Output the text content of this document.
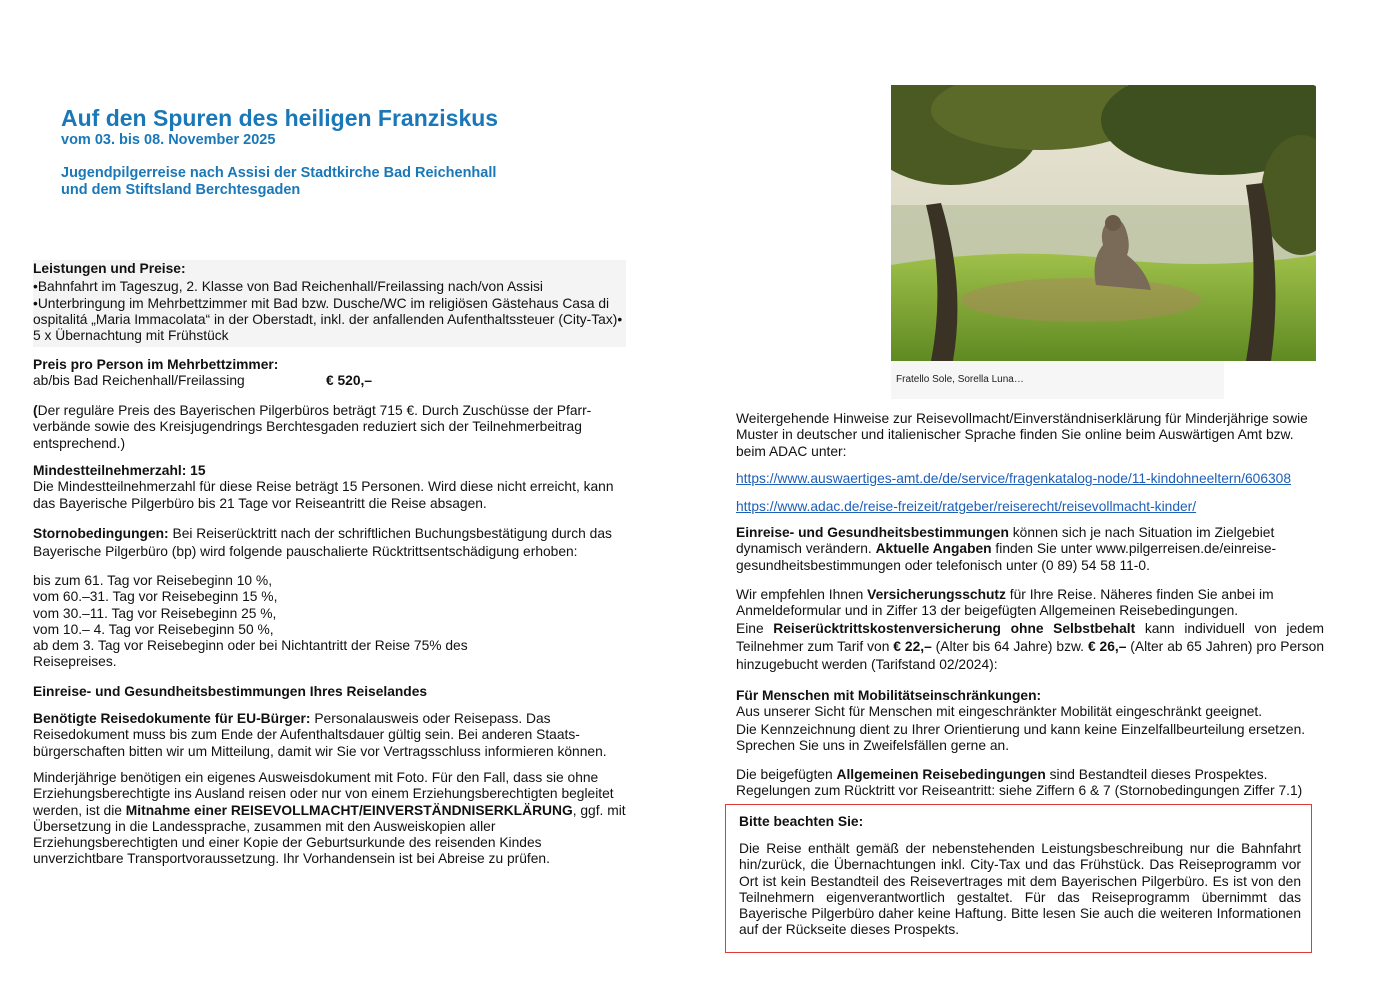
Auf den Spuren des heiligen Franziskus
vom 03. bis 08. November 2025
Jugendpilgerreise nach Assisi der Stadtkirche Bad Reichenhall
und dem Stiftsland Berchtesgaden
Leistungen und Preise:
•Bahnfahrt im Tageszug, 2. Klasse von Bad Reichenhall/Freilassing nach/von Assisi
•Unterbringung im Mehrbettzimmer mit Bad bzw. Dusche/WC im religiösen Gästehaus Casa di ospitalitá „Maria Immacolata“ in der Oberstadt, inkl. der anfallenden Aufenthaltssteuer (City-Tax)• 5 x Übernachtung mit Frühstück
Preis pro Person im Mehrbettzimmer:
ab/bis Bad Reichenhall/Freilassing	€ 520,–
(Der reguläre Preis des Bayerischen Pilgerbüros beträgt 715 €. Durch Zuschüsse der Pfarr-verbände sowie des Kreisjugendrings Berchtesgaden reduziert sich der Teilnehmerbeitrag entsprechend.)
Mindestteilnehmerzahl: 15
Die Mindestteilnehmerzahl für diese Reise beträgt 15 Personen. Wird diese nicht erreicht, kann das Bayerische Pilgerbüro bis 21 Tage vor Reiseantritt die Reise absagen.
Stornobedingungen: Bei Reiserücktritt nach der schriftlichen Buchungsbestätigung durch das Bayerische Pilgerbüro (bp) wird folgende pauschalierte Rücktrittsentschädigung erhoben:
bis zum 61. Tag vor Reisebeginn 10 %,
vom 60.–31. Tag vor Reisebeginn 15 %,
vom 30.–11. Tag vor Reisebeginn 25 %,
vom 10.– 4. Tag vor Reisebeginn 50 %,
ab dem 3. Tag vor Reisebeginn oder bei Nichtantritt der Reise 75% des
Reisepreises.
Einreise- und Gesundheitsbestimmungen Ihres Reiselandes
Benötigte Reisedokumente für EU-Bürger: Personalausweis oder Reisepass. Das Reisedokument muss bis zum Ende der Aufenthaltsdauer gültig sein. Bei anderen Staats-bürgerschaften bitten wir um Mitteilung, damit wir Sie vor Vertragsschluss informieren können.
Minderjährige benötigen ein eigenes Ausweisdokument mit Foto. Für den Fall, dass sie ohne Erziehungsberechtigte ins Ausland reisen oder nur von einem Erziehungsberechtigten begleitet werden, ist die Mitnahme einer REISEVOLLMACHT/EINVERSTÄNDNISERKLÄRUNG, ggf. mit Übersetzung in die Landessprache, zusammen mit den Ausweiskopien aller Erziehungsberechtigten und einer Kopie der Geburtsurkunde des reisenden Kindes unverzichtbare Transportvoraussetzung. Ihr Vorhandensein ist bei Abreise zu prüfen.
Fratello Sole, Sorella Luna…
Weitergehende Hinweise zur Reisevollmacht/Einverständniserklärung für Minderjährige sowie Muster in deutscher und italienischer Sprache finden Sie online beim Auswärtigen Amt bzw. beim ADAC unter:
https://www.auswaertiges-amt.de/de/service/fragenkatalog-node/11-kindohneeltern/606308
https://www.adac.de/reise-freizeit/ratgeber/reiserecht/reisevollmacht-kinder/
Einreise- und Gesundheitsbestimmungen können sich je nach Situation im Zielgebiet dynamisch verändern. Aktuelle Angaben finden Sie unter www.pilgerreisen.de/einreise-gesundheitsbestimmungen oder telefonisch unter (0 89) 54 58 11-0.
Wir empfehlen Ihnen Versicherungsschutz für Ihre Reise. Näheres finden Sie anbei im Anmeldeformular und in Ziffer 13 der beigefügten Allgemeinen Reisebedingungen.
Eine Reiserücktrittskostenversicherung ohne Selbstbehalt kann individuell von jedem Teilnehmer zum Tarif von € 22,– (Alter bis 64 Jahre) bzw. € 26,– (Alter ab 65 Jahren) pro Person hinzugebucht werden (Tarifstand 02/2024):
Für Menschen mit Mobilitätseinschränkungen:
Aus unserer Sicht für Menschen mit eingeschränkter Mobilität eingeschränkt geeignet.
Die Kennzeichnung dient zu Ihrer Orientierung und kann keine Einzelfallbeurteilung ersetzen. Sprechen Sie uns in Zweifelsfällen gerne an.
Die beigefügten Allgemeinen Reisebedingungen sind Bestandteil dieses Prospektes.
Regelungen zum Rücktritt vor Reiseantritt: siehe Ziffern 6 & 7 (Stornobedingungen Ziffer 7.1)
Bitte beachten Sie:
Die Reise enthält gemäß der nebenstehenden Leistungsbeschreibung nur die Bahnfahrt hin/zurück, die Übernachtungen inkl. City-Tax und das Frühstück. Das Reiseprogramm vor Ort ist kein Bestandteil des Reisevertrages mit dem Bayerischen Pilgerbüro. Es ist von den Teilnehmern eigenverantwortlich gestaltet. Für das Reiseprogramm übernimmt das Bayerische Pilgerbüro daher keine Haftung. Bitte lesen Sie auch die weiteren Informationen auf der Rückseite dieses Prospekts.
